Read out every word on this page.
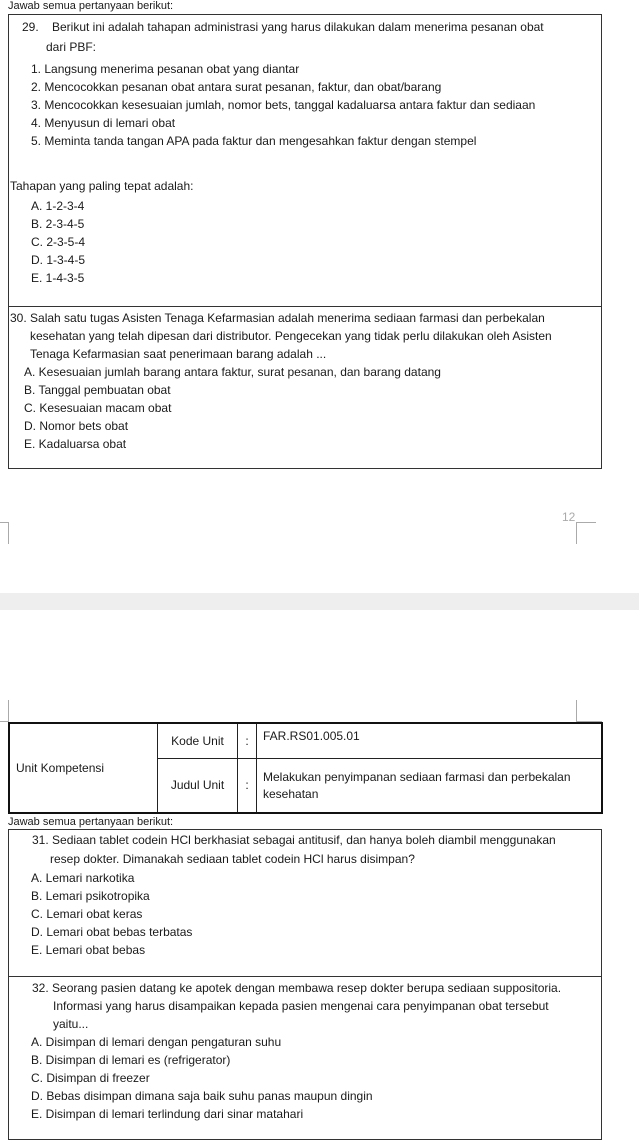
Jawab semua pertanyaan berikut:
29. Berikut ini adalah tahapan administrasi yang harus dilakukan dalam menerima pesanan obat
dari PBF:
1. Langsung menerima pesanan obat yang diantar
2. Mencocokkan pesanan obat antara surat pesanan, faktur, dan obat/barang
3. Mencocokkan kesesuaian jumlah, nomor bets, tanggal kadaluarsa antara faktur dan sediaan
4. Menyusun di lemari obat
5. Meminta tanda tangan APA pada faktur dan mengesahkan faktur dengan stempel
Tahapan yang paling tepat adalah:
A. 1-2-3-4
B. 2-3-4-5
C. 2-3-5-4
D. 1-3-4-5
E. 1-4-3-5
30. Salah satu tugas Asisten Tenaga Kefarmasian adalah menerima sediaan farmasi dan perbekalan
kesehatan yang telah dipesan dari distributor. Pengecekan yang tidak perlu dilakukan oleh Asisten
Tenaga Kefarmasian saat penerimaan barang adalah ...
A. Kesesuaian jumlah barang antara faktur, surat pesanan, dan barang datang
B. Tanggal pembuatan obat
C. Kesesuaian macam obat
D. Nomor bets obat
E. Kadaluarsa obat
12
Unit Kompetensi	Kode Unit	:	FAR.RS01.005.01
	Judul Unit	:	Melakukan penyimpanan sediaan farmasi dan perbekalan
kesehatan
Jawab semua pertanyaan berikut:
31. Sediaan tablet codein HCl berkhasiat sebagai antitusif, dan hanya boleh diambil menggunakan
resep dokter. Dimanakah sediaan tablet codein HCl harus disimpan?
A. Lemari narkotika
B. Lemari psikotropika
C. Lemari obat keras
D. Lemari obat bebas terbatas
E. Lemari obat bebas
32. Seorang pasien datang ke apotek dengan membawa resep dokter berupa sediaan suppositoria.
Informasi yang harus disampaikan kepada pasien mengenai cara penyimpanan obat tersebut
yaitu...
A. Disimpan di lemari dengan pengaturan suhu
B. Disimpan di lemari es (refrigerator)
C. Disimpan di freezer
D. Bebas disimpan dimana saja baik suhu panas maupun dingin
E. Disimpan di lemari terlindung dari sinar matahari
